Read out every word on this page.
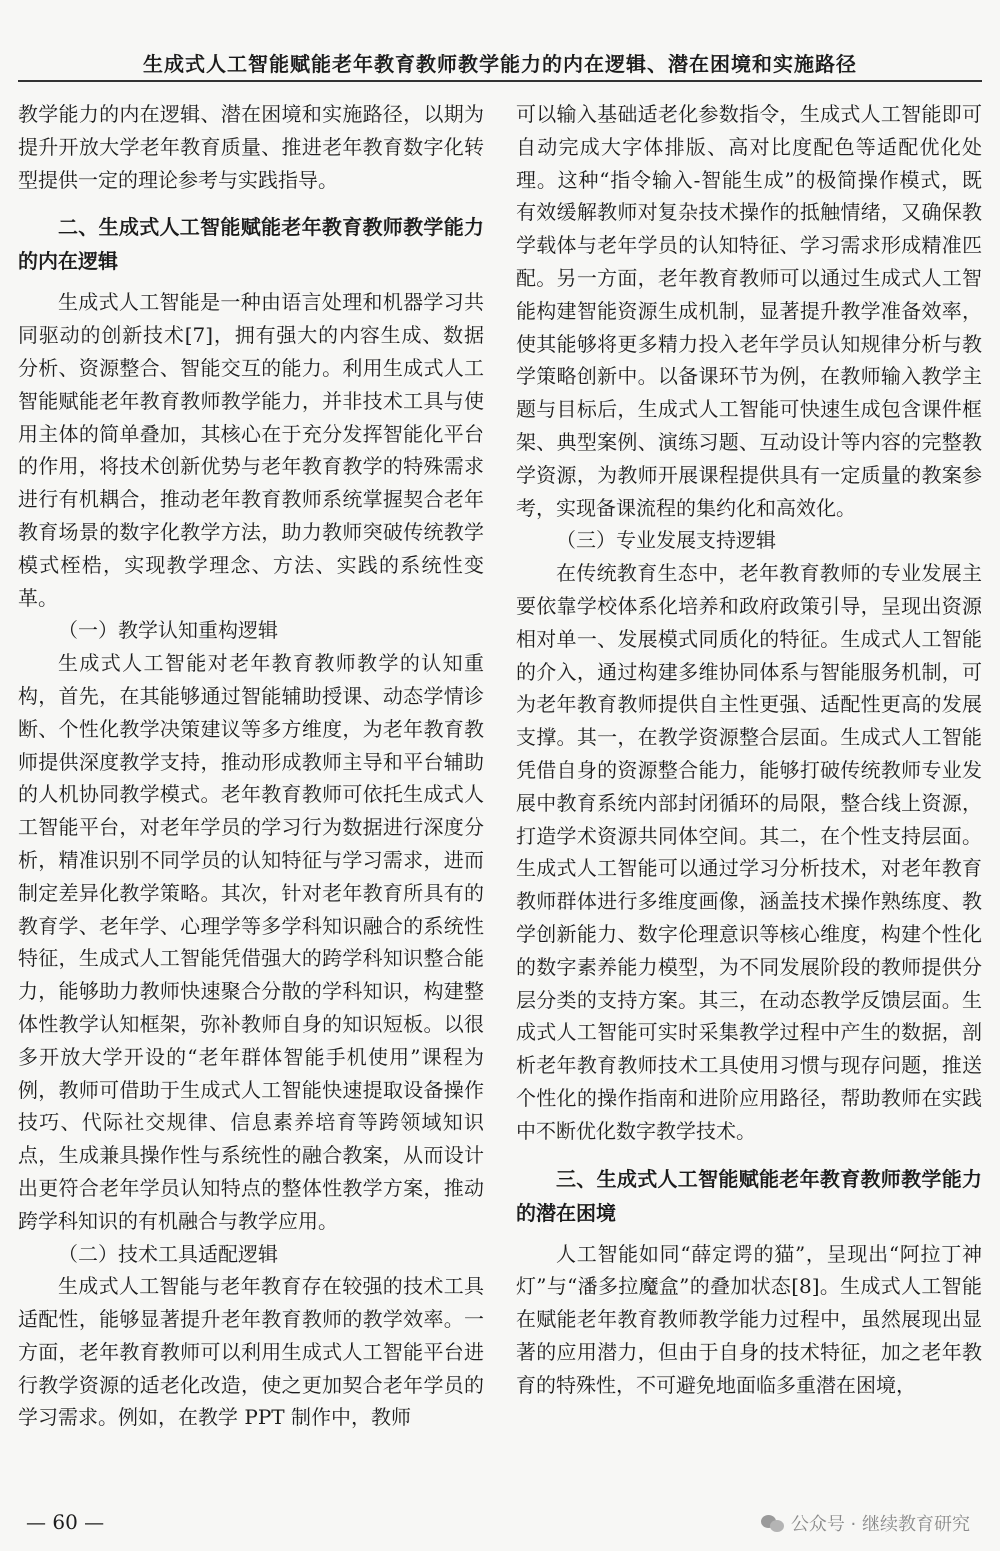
生成式人工智能赋能老年教育教师教学能力的内在逻辑、潜在困境和实施路径

教学能力的内在逻辑、潜在困境和实施路径，以期为提升开放大学老年教育质量、推进老年教育数字化转型提供一定的理论参考与实践指导。

二、生成式人工智能赋能老年教育教师教学能力的内在逻辑

生成式人工智能是一种由语言处理和机器学习共同驱动的创新技术[7]，拥有强大的内容生成、数据分析、资源整合、智能交互的能力。利用生成式人工智能赋能老年教育教师教学能力，并非技术工具与使用主体的简单叠加，其核心在于充分发挥智能化平台的作用，将技术创新优势与老年教育教学的特殊需求进行有机耦合，推动老年教育教师系统掌握契合老年教育场景的数字化教学方法，助力教师突破传统教学模式桎梏，实现教学理念、方法、实践的系统性变革。

（一）教学认知重构逻辑

生成式人工智能对老年教育教师教学的认知重构，首先，在其能够通过智能辅助授课、动态学情诊断、个性化教学决策建议等多方维度，为老年教育教师提供深度教学支持，推动形成教师主导和平台辅助的人机协同教学模式。老年教育教师可依托生成式人工智能平台，对老年学员的学习行为数据进行深度分析，精准识别不同学员的认知特征与学习需求，进而制定差异化教学策略。其次，针对老年教育所具有的教育学、老年学、心理学等多学科知识融合的系统性特征，生成式人工智能凭借强大的跨学科知识整合能力，能够助力教师快速聚合分散的学科知识，构建整体性教学认知框架，弥补教师自身的知识短板。以很多开放大学开设的“老年群体智能手机使用”课程为例，教师可借助于生成式人工智能快速提取设备操作技巧、代际社交规律、信息素养培育等跨领域知识点，生成兼具操作性与系统性的融合教案，从而设计出更符合老年学员认知特点的整体性教学方案，推动跨学科知识的有机融合与教学应用。

（二）技术工具适配逻辑

生成式人工智能与老年教育存在较强的技术工具适配性，能够显著提升老年教育教师的教学效率。一方面，老年教育教师可以利用生成式人工智能平台进行教学资源的适老化改造，使之更加契合老年学员的学习需求。例如，在教学 PPT 制作中，教师

可以输入基础适老化参数指令，生成式人工智能即可自动完成大字体排版、高对比度配色等适配优化处理。这种“指令输入-智能生成”的极简操作模式，既有效缓解教师对复杂技术操作的抵触情绪，又确保教学载体与老年学员的认知特征、学习需求形成精准匹配。另一方面，老年教育教师可以通过生成式人工智能构建智能资源生成机制，显著提升教学准备效率，使其能够将更多精力投入老年学员认知规律分析与教学策略创新中。以备课环节为例，在教师输入教学主题与目标后，生成式人工智能可快速生成包含课件框架、典型案例、演练习题、互动设计等内容的完整教学资源，为教师开展课程提供具有一定质量的教案参考，实现备课流程的集约化和高效化。

（三）专业发展支持逻辑

在传统教育生态中，老年教育教师的专业发展主要依靠学校体系化培养和政府政策引导，呈现出资源相对单一、发展模式同质化的特征。生成式人工智能的介入，通过构建多维协同体系与智能服务机制，可为老年教育教师提供自主性更强、适配性更高的发展支撑。其一，在教学资源整合层面。生成式人工智能凭借自身的资源整合能力，能够打破传统教师专业发展中教育系统内部封闭循环的局限，整合线上资源，打造学术资源共同体空间。其二，在个性支持层面。生成式人工智能可以通过学习分析技术，对老年教育教师群体进行多维度画像，涵盖技术操作熟练度、教学创新能力、数字伦理意识等核心维度，构建个性化的数字素养能力模型，为不同发展阶段的教师提供分层分类的支持方案。其三，在动态教学反馈层面。生成式人工智能可实时采集教学过程中产生的数据，剖析老年教育教师技术工具使用习惯与现存问题，推送个性化的操作指南和进阶应用路径，帮助教师在实践中不断优化数字教学技术。

三、生成式人工智能赋能老年教育教师教学能力的潜在困境

人工智能如同“薛定谔的猫”，呈现出“阿拉丁神灯”与“潘多拉魔盒”的叠加状态[8]。生成式人工智能在赋能老年教育教师教学能力过程中，虽然展现出显著的应用潜力，但由于自身的技术特征，加之老年教育的特殊性，不可避免地面临多重潜在困境，

— 60 —	公众号 · 继续教育研究
